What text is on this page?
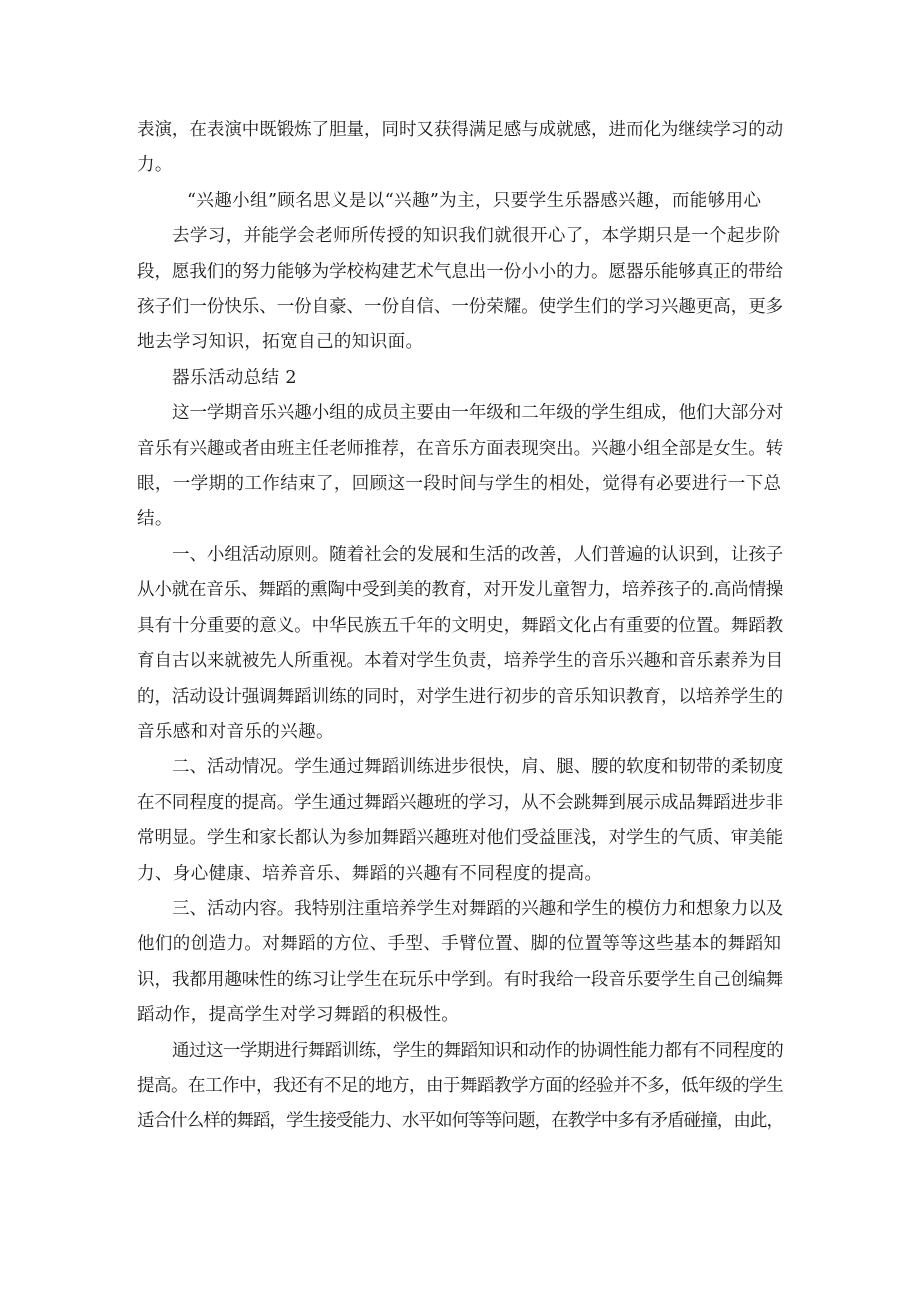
表演，在表演中既锻炼了胆量，同时又获得满足感与成就感，进而化为继续学习的动
力。

“兴趣小组”顾名思义是以“兴趣”为主，只要学生乐器感兴趣，而能够用心
去学习，并能学会老师所传授的知识我们就很开心了，本学期只是一个起步阶
段，愿我们的努力能够为学校构建艺术气息出一份小小的力。愿器乐能够真正的带给
孩子们一份快乐、一份自豪、一份自信、一份荣耀。使学生们的学习兴趣更高，更多
地去学习知识，拓宽自己的知识面。

器乐活动总结 2

这一学期音乐兴趣小组的成员主要由一年级和二年级的学生组成，他们大部分对
音乐有兴趣或者由班主任老师推荐，在音乐方面表现突出。兴趣小组全部是女生。转
眼，一学期的工作结束了，回顾这一段时间与学生的相处，觉得有必要进行一下总
结。

一、小组活动原则。随着社会的发展和生活的改善，人们普遍的认识到，让孩子
从小就在音乐、舞蹈的熏陶中受到美的教育，对开发儿童智力，培养孩子的.高尚情操
具有十分重要的意义。中华民族五千年的文明史，舞蹈文化占有重要的位置。舞蹈教
育自古以来就被先人所重视。本着对学生负责，培养学生的音乐兴趣和音乐素养为目
的，活动设计强调舞蹈训练的同时，对学生进行初步的音乐知识教育，以培养学生的
音乐感和对音乐的兴趣。

二、活动情况。学生通过舞蹈训练进步很快，肩、腿、腰的软度和韧带的柔韧度
在不同程度的提高。学生通过舞蹈兴趣班的学习，从不会跳舞到展示成品舞蹈进步非
常明显。学生和家长都认为参加舞蹈兴趣班对他们受益匪浅，对学生的气质、审美能
力、身心健康、培养音乐、舞蹈的兴趣有不同程度的提高。

三、活动内容。我特别注重培养学生对舞蹈的兴趣和学生的模仿力和想象力以及
他们的创造力。对舞蹈的方位、手型、手臂位置、脚的位置等等这些基本的舞蹈知
识，我都用趣味性的练习让学生在玩乐中学到。有时我给一段音乐要学生自己创编舞
蹈动作，提高学生对学习舞蹈的积极性。

通过这一学期进行舞蹈训练，学生的舞蹈知识和动作的协调性能力都有不同程度的
提高。在工作中，我还有不足的地方，由于舞蹈教学方面的经验并不多，低年级的学生
适合什么样的舞蹈，学生接受能力、水平如何等等问题，在教学中多有矛盾碰撞，由此，
